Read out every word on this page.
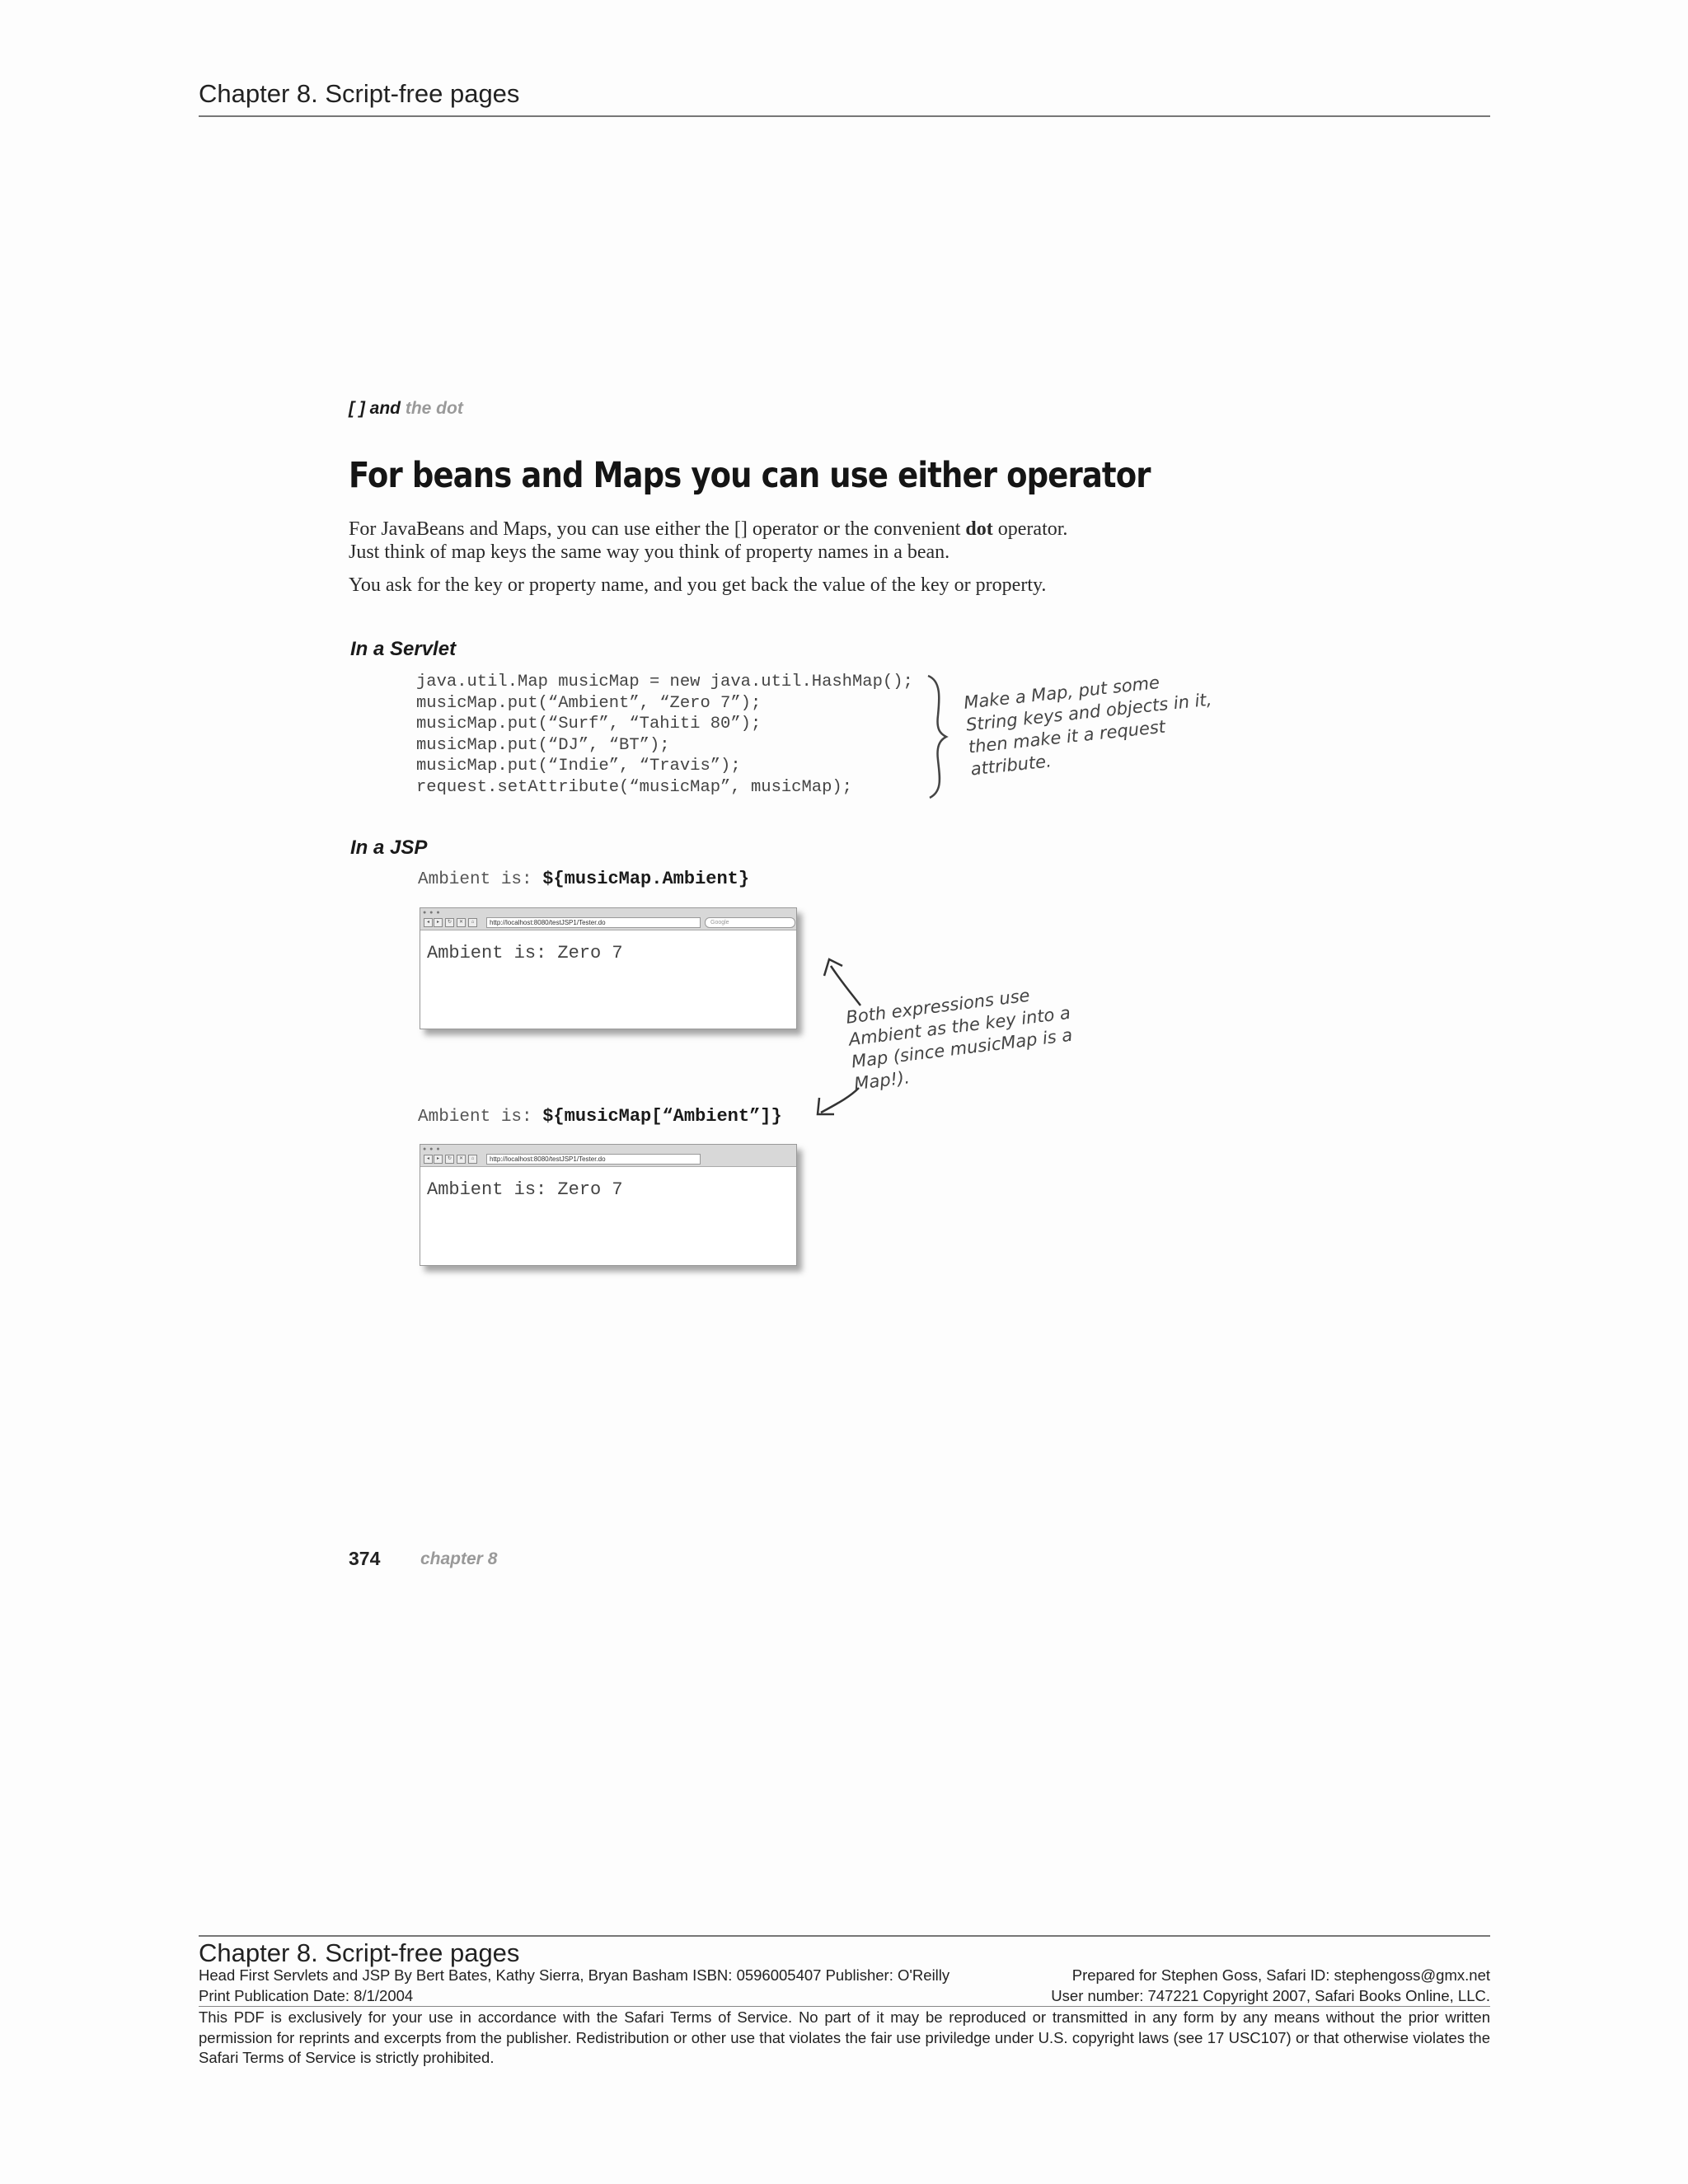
Chapter 8. Script-free pages
[ ] and the dot
For beans and Maps you can use either operator
For JavaBeans and Maps, you can use either the [] operator or the convenient dot operator. Just think of map keys the same way you think of property names in a bean.
You ask for the key or property name, and you get back the value of the key or property.
In a Servlet
java.util.Map musicMap = new java.util.HashMap();
musicMap.put(“Ambient”, “Zero 7”);
musicMap.put(“Surf”, “Tahiti 80”);
musicMap.put(“DJ”, “BT”);
musicMap.put(“Indie”, “Travis”);
request.setAttribute(“musicMap”, musicMap);
Make a Map, put some String keys and objects in it, then make it a request attribute.
In a JSP
Ambient is: ${musicMap.Ambient}
● ● ●
◂	▸	↻	✕	⌂	http://localhost:8080/testJSP1/Tester.do	Google
Ambient is: Zero 7
Both expressions use Ambient as the key into a Map (since musicMap is a Map!).
Ambient is: ${musicMap[“Ambient”]}
● ● ●
◂	▸	↻	✕	⌂	http://localhost:8080/testJSP1/Tester.do
Ambient is: Zero 7
374 chapter 8
Chapter 8. Script-free pages
Head First Servlets and JSP By Bert Bates, Kathy Sierra, Bryan Basham ISBN: 0596005407 Publisher: O'Reilly	Prepared for Stephen Goss, Safari ID: stephengoss@gmx.net
Print Publication Date: 8/1/2004	User number: 747221 Copyright 2007, Safari Books Online, LLC.
This PDF is exclusively for your use in accordance with the Safari Terms of Service. No part of it may be reproduced or transmitted in any form by any means without the prior written permission for reprints and excerpts from the publisher. Redistribution or other use that violates the fair use priviledge under U.S. copyright laws (see 17 USC107) or that otherwise violates the Safari Terms of Service is strictly prohibited.
